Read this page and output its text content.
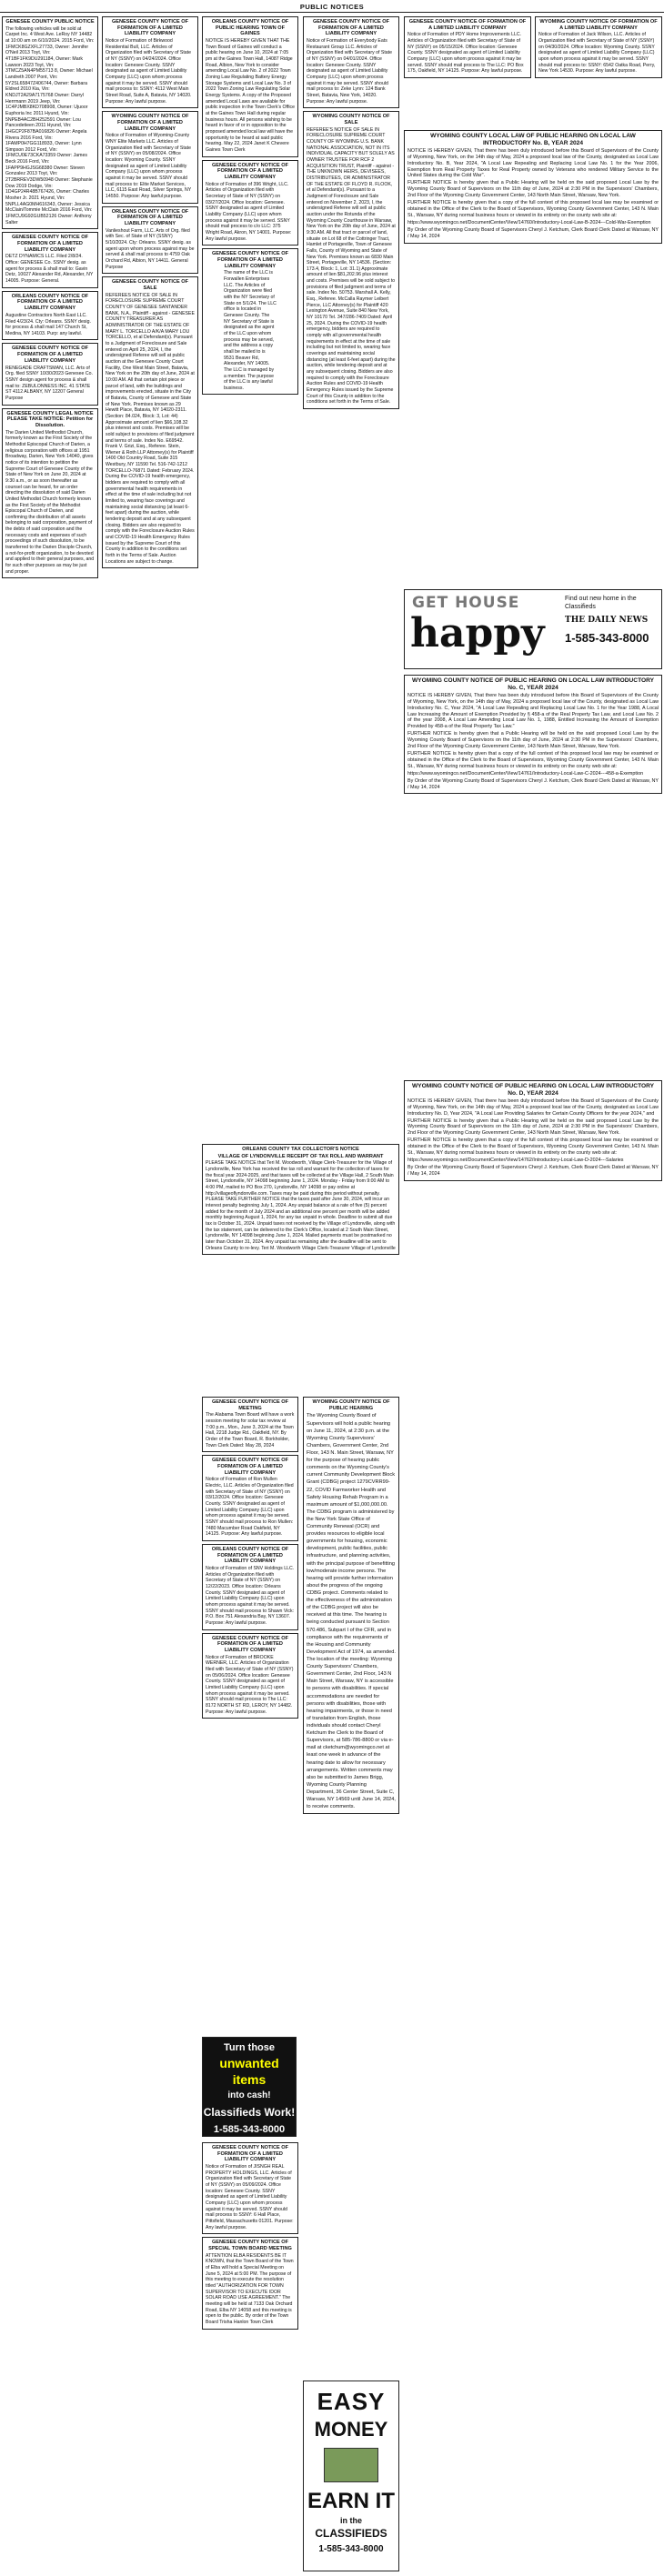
PUBLIC NOTICES
GENESEE COUNTY PUBLIC NOTICE

The following vehicles will be sold at Carpet Inc. 4 West Ave. LeRoy NY 14482 at 10:00 am on 6/10/2024. 2015 Ford, Vin: 1FMCK8GZXFL27733, Owner: Jennifer O'Neil 2013 Toyt, Vin: 4T1BF1FK9DU291184, Owner: Mark Lawson 2023 Toyt, Vin: 3TMCZ5AN4PM55713 8, Owner: Michael Landreth 2007 Pont, Vin: 5Y2SL65847Z406744, Owner: Barbara Eldred 2010 Kia, Vin: KNDJT2A29A7175768 Owner: Darryl Herrmann 2019 Jeep, Vin: 1C4PJMBX8KD708908, Owner: Ujuoor Euphoria Inc 2011 Hyund, Vin: 5NPEB4AC2BH252591 Owner: Lou Pancedetieen 2011 Hyund, Vin: 1HGCP2F87BA016826 Owner: Angela Rivera 2016 Ford, Vin: 1FAMP0H7GG118933, Owner: Lynn Simpson 2012 Ford, Vin: 1FMCU0E73CKA73359 Owner: James Beck 2016 Ford, Vin: 1FAPP9HGJSG68380 Owner: Steven Gonzalez 2013 Toyt, Vin: 2T2BRREV3DW50948 Owner: Stephanie Dow 2019 Dodge, Vin: 1D4GP24R48B767426, Owner: Charles Mosher Jr. 2021 Hyund, Vin: 5NPLL4AG0MH616343, Owner: Jessica McClain/Tommie McClain 2016 Ford, Vin: 1FMCU9G92GUB52126 Owner: Anthony Salter

GENESEE COUNTY NOTICE OF FORMATION OF A LIMITED LIABILITY COMPANY

DETZ DYNAMICS LLC. Filed 2/8/24. Office: GENESEE Co. SSNY desig. as agent for process & shall mail to: Gavin Detz, 10027 Alexander Rd, Alexander, NY 14005. Purpose: General.

ORLEANS COUNTY NOTICE OF FORMATION OF A LIMITED LIABILITY COMPANY

Augustine Contractors North East LLC. Filed 4/23/24. Cty: Orleans. SSNY desig. for process & shall mail 147 Church St, Medina, NY 14103. Purp: any lawful.

GENESEE COUNTY NOTICE OF FORMATION OF A LIMITED LIABILITY COMPANY

RENEGADE CRAFTSMAN, LLC. Arts of Org. filed SSNY 10/30/2023 Genesee Co. SSNY design agent for process & shall mail to: ZEBULONNESS INC. 41 STATE ST 4112 ALBANY, NY 12207 General Purpose

GENESEE COUNTY LEGAL NOTICE PLEASE TAKE NOTICE: Petition for Dissolution.

The Darien United Methodist Church, formerly known as the First Society of the Methodist Episcopal Church of Darien, a religious corporation with offices at 1951 Broadway, Darien, New York 14040, gives notice of its intention to petition the Supreme Court of Genesee County of the State of New York on June 20, 2024 at 9:30 a.m., or as soon thereafter as counsel can be heard, for an order directing the dissolution of said Darien United Methodist Church formerly known as the First Society of the Methodist Episcopal Church of Darien, and confirming the distribution of all assets belonging to said corporation, payment of the debts of said corporation and the necessary costs and expenses of such proceedings of such dissolution, to be transferred to the Darien Disciple Church, a not-for-profit organization, to be devoted and applied to their general purposes, and for such other purposes as may be just and proper.

GENESEE COUNTY NOTICE OF FORMATION OF A LIMITED LIABILITY COMPANY

Notice of Formation of Birkwood Residential Bull, LLC. Articles of Organization filed with Secretary of State of NY (SSNY) on 04/24/2024. Office location: Genesee County. SSNY designated as agent of Limited Liability Company (LLC) upon whom process against it may be served. SSNY should mail process to: SSNY: 4112 West Main Street Road, Suite A, Batavia, NY 14020. Purpose: Any lawful purpose.

WYOMING COUNTY NOTICE OF FORMATION OF A LIMITED LIABILITY COMPANY

Notice of Formation of Wyoming-County WNY Elite Markets LLC. Articles of Organization filed with Secretary of State of NY (SSNY) on 05/08/2024. Office location: Wyoming County. SSNY designated as agent of Limited Liability Company (LLC) upon whom process against it may be served. SSNY should mail process to: Elite Market Services, LLC, 6115 East Road, Silver Springs, NY 14550. Purpose: Any lawful purpose.

ORLEANS COUNTY NOTICE OF FORMATION OF A LIMITED LIABILITY COMPANY

Vanlieshout Farm, LLC. Arts of Org. filed with Sec. of State of NY (SSNY) 5/10/2024. Cty: Orleans. SSNY desig. as agent upon whom process against may be served & shall mail process to 4759 Oak Orchard Rd, Albion, NY 14411. General Purpose

GENESEE COUNTY NOTICE OF SALE

REFEREES NOTICE OF SALE IN FORECLOSURE SUPREME COURT COUNTY OF GENESEE SANTANDER BANK, N.A., Plaintiff - against - GENESEE COUNTY TREASURER AS ADMINISTRATOR OF THE ESTATE OF MARY L. TORCELLO A/K/A MARY LOU TORCELLO, et al Defendant(s). Pursuant to a Judgment of Foreclosure and Sale entered on April 25, 2024, I, the undersigned Referee will sell at public auction at the Genesee County Court Facility, One West Main Street, Batavia, New York on the 20th day of June, 2024 at 10:00 AM. All that certain plot piece or parcel of land, with the buildings and improvements erected, situate in the City of Batavia, County of Genesee and State of New York. Premises known as 29 Hewitt Place, Batavia, NY 14020-2311. (Section: 84.024, Block: 3, Lot: 44) Approximate amount of lien $66,108.32 plus interest and costs. Premises will be sold subject to provisions of filed judgment and terms of sale. Index No. E69542. Frank V. Grizi, Esq., Referee. Stein, Wiener & Roth LLP Attorney(s) for Plaintiff 1400 Old Country Road, Suite 315 Westbury, NY 11590 Tel. 516-742-1212 TORCELLO-76871 Dated: February 2024. During the COVID-19 health emergency, bidders are required to comply with all governmental health requirements in effect at the time of sale including but not limited to, wearing face coverings and maintaining social distancing (at least 6-feet apart) during the auction, while tendering deposit and at any subsequent closing. Bidders are also required to comply with the Foreclosure Auction Rules and COVID-19 Health Emergency Rules issued by the Supreme Court of this County in addition to the conditions set forth in the Terms of Sale. Auction Locations are subject to change.

ORLEANS COUNTY NOTICE OF PUBLIC HEARING TOWN OF GAINES

NOTICE IS HEREBY GIVEN THAT THE Town Board of Gaines will conduct a public hearing on June 10, 2024 at 7:05 pm at the Gaines Town Hall, 14087 Ridge Road, Albion, New York to consider amending Local Law No. 2 of 2022 Town Zoning Law Regulating Battery Energy Storage Systems and Local Law No. 3 of 2022 Town Zoning Law Regulating Solar Energy Systems. A copy of the Proposed amended Local Laws are available for public inspection in the Town Clerk's Office at the Gaines Town Hall during regular business hours. All persons wishing to be heard in favor of or in opposition to the proposed amended local law will have the opportunity to be heard at said public hearing. May 22, 2024 Janet K Chevere Gaines Town Clerk

GENESEE COUNTY NOTICE OF FORMATION OF A LIMITED LIABILITY COMPANY

Notice of Formation of 396 Wright, LLC. Articles of Organization filed with Secretary of State of NY (SSNY) on 03/27/2024. Office location: Genesee. SSNY designated as agent of Limited Liability Company (LLC) upon whom process against it may be served. SSNY should mail process to c/o LLC: 375 Wright Road, Akron, NY 14001. Purpose: Any lawful purpose.

GENESEE COUNTY NOTICE OF FORMATION OF A LIMITED LIABILITY COMPANY

The name of the LLC is Forwallen Enterprises LLC. The Articles of Organization were filed with the NY Secretary of State on 5/1/24. The LLC office is located in Genesee County. The NY Secretary of State is designated as the agent of the LLC upon whom process may be served, and the address a copy shall be mailed to is 9531 Beaver Rd, Alexander, NY 14005. The LLC is managed by a member. The purpose of the LLC is any lawful business.

GENESEE COUNTY NOTICE OF FORMATION OF A LIMITED LIABILITY COMPANY

Notice of Formation of Everybody Eats Restaurant Group LLC. Articles of Organization filed with Secretary of State of NY (SSNY) on 04/01/2024. Office location: Genesee County. SSNY designated as agent of Limited Liability Company (LLC) upon whom process against it may be served. SSNY should mail process to: Zeke Lynn: 124 Bank Street, Batavia, New York, 14020. Purpose: Any lawful purpose.

WYOMING COUNTY NOTICE OF SALE

REFEREE'S NOTICE OF SALE IN FORECLOSURE SUPREME COURT COUNTY OF WYOMING U.S. BANK NATIONAL ASSOCIATION, NOT IN ITS INDIVIDUAL CAPACITY BUT SOLELY AS OWNER TRUSTEE FOR RCF 2 ACQUISITION TRUST, Plaintiff - against - THE UNKNOWN HEIRS, DEVISEES, DISTRIBUTEES, OR ADMINISTRATOR OF THE ESTATE OF FLOYD R. FLOOK, et al Defendant(s). Pursuant to a Judgment of Foreclosure and Sale entered on November 2, 2023, I, the undersigned Referee will sell at public auction under the Rotunda of the Wyoming County Courthouse in Warsaw, New York on the 20th day of June, 2024 at 9:30 AM. All that tract or parcel of land, situate on Lot 68 of the Cottringer Tract, Hamlet of Portageville, Town of Genesee Falls, County of Wyoming and State of New York. Premises known as 6830 Main Street, Portageville, NY 14536. (Section: 173.4, Block: 1, Lot: 31.1) Approximate amount of lien $81,202.96 plus interest and costs. Premises will be sold subject to provisions of filed judgment and terms of sale. Index No. 50753. Marshall A. Kelly, Esq., Referee. McCalla Raymer Leibert Pierce, LLC Attorney(s) for Plaintiff 420 Lexington Avenue, Suite 840 New York, NY 10170 Tel. 347/286-7409 Dated: April 25, 2024. During the COVID-19 health emergency, bidders are required to comply with all governmental health requirements in effect at the time of sale including but not limited to, wearing face coverings and maintaining social distancing (at least 6-feet apart) during the auction, while tendering deposit and at any subsequent closing. Bidders are also required to comply with the Foreclosure Auction Rules and COVID-19 Health Emergency Rules issued by the Supreme Court of this County in addition to the conditions set forth in the Terms of Sale.

GENESEE COUNTY NOTICE OF FORMATION OF A LIMITED LIABILITY COMPANY

Notice of Formation of PDY Home Improvements LLC. Articles of Organization filed with Secretary of State of NY (SSNY) on 05/15/2024. Office location: Genesee County. SSNY designated as agent of Limited Liability Company (LLC) upon whom process against it may be served. SSNY should mail process to The LLC: PO Box 175, Oakfield, NY 14125. Purpose: Any lawful purpose.

WYOMING COUNTY NOTICE OF FORMATION OF A LIMITED LIABILITY COMPANY

Notice of Formation of Jack Wilson, LLC. Articles of Organization filed with Secretary of State of NY (SSNY) on 04/30/2024. Office location: Wyoming County. SSNY designated as agent of Limited Liability Company (LLC) upon whom process against it may be served. SSNY should mail process to: SSNY: 6542 Oatka Road, Perry, New York 14530. Purpose: Any lawful purpose.

WYOMING COUNTY LOCAL LAW OF PUBLIC HEARING ON LOCAL LAW INTRODUCTORY No. B, YEAR 2024

NOTICE IS HEREBY GIVEN, That there has been duly introduced before this Board of Supervisors of the County of Wyoming, New York, on the 14th day of May, 2024 a proposed local law of the County, designated as Local Law Introductory No. B, Year 2024, "A Local Law Repealing and Replacing Local Law No. 1 for the Year 2006, Exemption from Real Property Taxes for Real Property owned by Veterans who rendered Military Service to the United States during the Cold War".

FURTHER NOTICE is hereby given that a Public Hearing will be held on the said proposed Local Law by the Wyoming County Board of Supervisors on the 11th day of June, 2024 at 2:30 PM in the Supervisors' Chambers, 2nd Floor of the Wyoming County Government Center, 143 North Main Street, Warsaw, New York.

FURTHER NOTICE is hereby given that a copy of the full context of this proposed local law may be examined or obtained in the Office of the Clerk to the Board of Supervisors, Wyoming County Government Center, 143 N. Main St., Warsaw, NY during normal business hours or viewed in its entirety on the county web site at:

https://www.wyomingco.net/DocumentCenter/View/14760/Introductory-Local-Law-B-2024---Cold-War-Exemption

By Order of the Wyoming County Board of Supervisors Cheryl J. Ketchum, Clerk Board Clerk Dated at Warsaw, NY / May 14, 2024

GET HOUSE
happy
Find out new home in the Classifieds
THE DAILY NEWS
1-585-343-8000
WYOMING COUNTY NOTICE OF PUBLIC HEARING ON LOCAL LAW INTRODUCTORY No. C, YEAR 2024

NOTICE IS HEREBY GIVEN, That there has been duly introduced before this Board of Supervisors of the County of Wyoming, New York, on the 14th day of May, 2024 a proposed local law of the County, designated as Local Law Introductory No. C, Year 2024, "A Local Law Repealing and Replacing Local Law No. 1 for the Year 1988, A Local Law Increasing the Amount of Exemption Provided by § 458-a of the Real Property Tax Law, and Local Law No. 2 of the year 2008, A Local Law Amending Local Law No. 1, 1988, Entitled Increasing the Amount of Exemption Provided by 458-a of the Real Property Tax Law."

FURTHER NOTICE is hereby given that a Public Hearing will be held on the said proposed Local Law by the Wyoming County Board of Supervisors on the 11th day of June, 2024 at 2:30 PM in the Supervisors' Chambers, 2nd Floor of the Wyoming County Government Center, 143 North Main Street, Warsaw, New York.

FURTHER NOTICE is hereby given that a copy of the full context of this proposed local law may be examined or obtained in the Office of the Clerk to the Board of Supervisors, Wyoming County Government Center, 143 N. Main St., Warsaw, NY during normal business hours or viewed in its entirety on the county web site at:

https://www.wyomingco.net/DocumentCenter/View/14761/Introductory-Local-Law-C-2024---458-a-Exemption

By Order of the Wyoming County Board of Supervisors Cheryl J. Ketchum, Clerk Board Clerk Dated at Warsaw, NY / May 14, 2024

WYOMING COUNTY NOTICE OF PUBLIC HEARING ON LOCAL LAW INTRODUCTORY No. D, YEAR 2024

NOTICE IS HEREBY GIVEN, That there has been duly introduced before this Board of Supervisors of the County of Wyoming, New York, on the 14th day of May, 2024 a proposed local law of the County, designated as Local Law Introductory No. D, Year 2024, "A Local Law Providing Salaries for Certain County Officers for the year 2024," and

FURTHER NOTICE is hereby given that a Public Hearing will be held on the said proposed Local Law by the Wyoming County Board of Supervisors on the 11th day of June, 2024 at 2:30 PM in the Supervisors' Chambers, 2nd Floor of the Wyoming County Government Center, 143 North Main Street, Warsaw, New York.

FURTHER NOTICE is hereby given that a copy of the full context of this proposed local law may be examined or obtained in the Office of the Clerk to the Board of Supervisors, Wyoming County Government Center, 143 N. Main St., Warsaw, NY during normal business hours or viewed in its entirety on the county web site at:

https://www.wyomingco.net/DocumentCenter/View/14762/Introductory-Local-Law-D-2024---Salaries

By Order of the Wyoming County Board of Supervisors Cheryl J. Ketchum, Clerk Board Clerk Dated at Warsaw, NY / May 14, 2024

ORLEANS COUNTY TAX COLLECTOR'S NOTICE
VILLAGE OF LYNDONVILLE RECEIPT OF TAX ROLL AND WARRANT

PLEASE TAKE NOTICE that Teri M. Woodworth, Village Clerk-Treasurer for the Village of Lyndonville, New York has received the tax roll and warrant for the collection of taxes for the fiscal year 2024-2025, and that taxes will be collected at the Village Hall, 2 South Main Street, Lyndonville, NY 14098 beginning June 1, 2024. Monday - Friday from 9:00 AM to 4:00 PM, mailed to PO Box 270, Lyndonville, NY 14098 or pay online at http://villageoflyndonville.com. Taxes may be paid during this period without penalty. PLEASE TAKE FURTHER NOTICE that the taxes paid after June 30, 2024, will incur an interest penalty beginning July 1, 2024. Any unpaid balance at a rate of five (5) percent added for the month of July 2024 and an additional one percent per month will be added monthly beginning August 1, 2024, for any tax unpaid in whole. Deadline to submit all due tax is October 31, 2024. Unpaid taxes not received by the Village of Lyndonville, along with the tax statement, can be delivered to the Clerk's Office, located at 2 South Main Street, Lyndonville, NY 14098 beginning June 1, 2024. Mailed payments must be postmarked no later than October 31, 2024. Any unpaid tax remaining after the deadline will be sent to Orleans County to re-levy. Teri M. Woodworth Village Clerk-Treasurer Village of Lyndonville

GENESEE COUNTY NOTICE OF MEETING

The Alabama Town Board will have a work session meeting for solar tax review at 7:00 p.m., Mon., June 3, 2024 at the Town Hall, 2218 Judge Rd., Oakfield, NY. By Order of the Town Board, R. Borkholder, Town Clerk Dated: May 28, 2024

GENESEE COUNTY NOTICE OF FORMATION OF A LIMITED LIABILITY COMPANY

Notice of Formation of Ron Mullen Electric, LLC. Articles of Organization filed with Secretary of State of NY (SSNY) on 03/12/2024. Office location: Genesee County. SSNY designated as agent of Limited Liability Company (LLC) upon whom process against it may be served. SSNY should mail process to Ron Mullen: 7480 Macumber Road Oakfield, NY 14125. Purpose: Any lawful purpose.

ORLEANS COUNTY NOTICE OF FORMATION OF A LIMITED LIABILITY COMPANY

Notice of Formation of SNV Holdings LLC. Articles of Organization filed with Secretary of State of NY (SSNY) on 12/22/2023. Office location: Orleans County. SSNY designated as agent of Limited Liability Company (LLC) upon whom process against it may be served. SSNY should mail process to Shawn Vick: P.O. Box 751 Alexandria Bay, NY 13607. Purpose: Any lawful purpose.

GENESEE COUNTY NOTICE OF FORMATION OF A LIMITED LIABILITY COMPANY

Notice of Formation of BROOKE WERNER, LLC. Articles of Organization filed with Secretary of State of NY (SSNY) on 05/06/2024. Office location: Genesee County. SSNY designated as agent of Limited Liability Company (LLC) upon whom process against it may be served. SSNY should mail process to The LLC: 8172 NORTH ST RD, LEROY, NY 14482. Purpose: Any lawful purpose.

Turn those
unwanted items
into cash!
Classifieds Work!
1-585-343-8000
GENESEE COUNTY NOTICE OF FORMATION OF A LIMITED LIABILITY COMPANY

Notice of Formation of JISNGH REAL PROPERTY HOLDINGS, LLC. Articles of Organization filed with Secretary of State of NY (SSNY) on 05/09/2024. Office location: Genesee County. SSNY designated as agent of Limited Liability Company (LLC) upon whom process against it may be served. SSNY should mail process to SSNY: 6 Hall Place, Pittsfield, Massachusetts 01201. Purpose: Any lawful purpose.

GENESEE COUNTY NOTICE OF SPECIAL TOWN BOARD MEETING

ATTENTION ELBA RESIDENTS BE IT KNOWN, that the Town Board of the Town of Elba will hold a Special Meeting on June 5, 2024 at 5:00 PM. The purpose of this meeting to execute the resolution titled "AUTHORIZATION FOR TOWN SUPERVISOR TO EXECUTE IDOR SOLAR ROAD USE AGREEMENT." The meeting will be held at 7133 Oak Orchard Road, Elba NY 14058 and this meeting is open to the public. By order of the Town Board Trisha Hanlon Town Clerk

WYOMING COUNTY NOTICE OF PUBLIC HEARING

The Wyoming County Board of Supervisors will hold a public hearing on June 11, 2024, at 2:30 p.m. at the Wyoming County Supervisors' Chambers, Government Center, 2nd Floor, 143 N. Main Street, Warsaw, NY for the purpose of hearing public comments on the Wyoming County's current Community Development Block Grant (CDBG) project 1279CVRR99-22, COVID Farmworker Health and Safety Housing Rehab Program in a maximum amount of $1,000,000.00. The CDBG program is administered by the New York State Office of Community Renewal (OCR) and provides resources to eligible local governments for housing, economic development, public facilities, public infrastructure, and planning activities, with the principal purpose of benefitting low/moderate income persons. The hearing will provide further information about the progress of the ongoing CDBG project. Comments related to the effectiveness of the administration of the CDBG project will also be received at this time. The hearing is being conducted pursuant to Section 570.486, Subpart I of the CFR, and in compliance with the requirements of the Housing and Community Development Act of 1974, as amended. The location of the meeting: Wyoming County Supervisors' Chambers, Government Center, 2nd Floor, 143 N Main Street, Warsaw, NY is accessible to persons with disabilities. If special accommodations are needed for persons with disabilities, those with hearing impairments, or those in need of translation from English, those individuals should contact Cheryl Ketchum the Clerk to the Board of Supervisors, at 585-786-8800 or via e-mail at cketchum@wyomingco.net at least one week in advance of the hearing date to allow for necessary arrangements. Written comments may also be submitted to James Brigg, Wyoming County Planning Department, 36 Center Street, Suite C, Warsaw, NY 14569 until June 14, 2024, to receive comments.

EASY
MONEY
EARN IT
in the
CLASSIFIEDS
1-585-343-8000
